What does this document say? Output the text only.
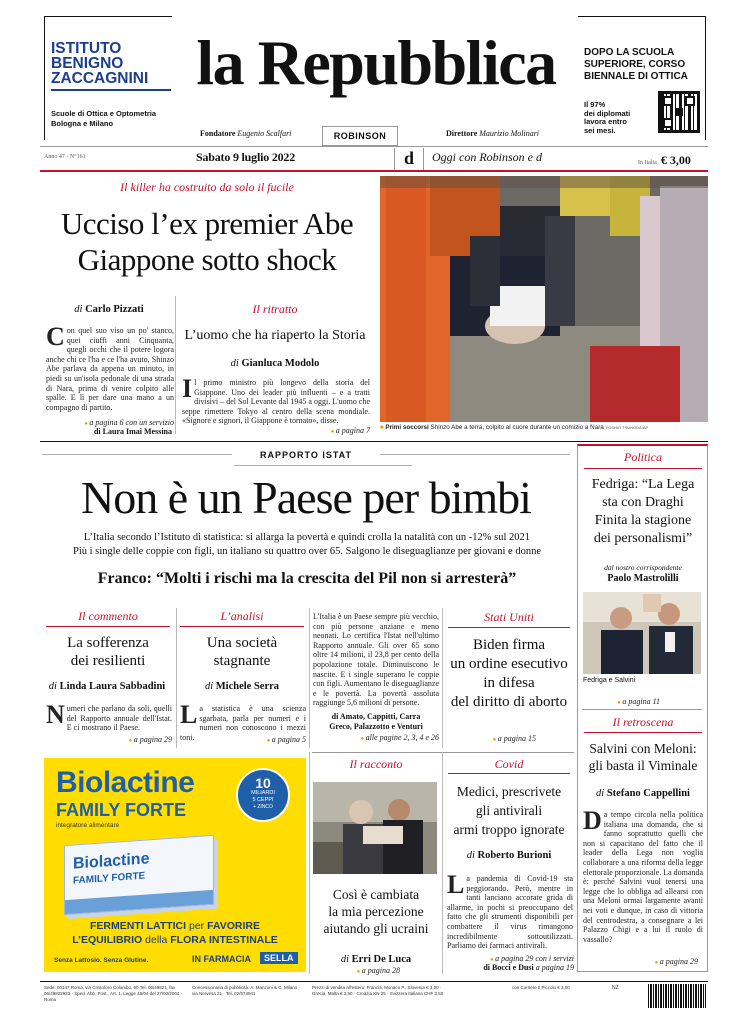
ISTITUTO
BENIGNO
ZACCAGNINI
Scuole di Ottica e Optometria
Bologna e Milano
la Repubblica
Fondatore Eugenio Scalfari	ROBINSON	Direttore Maurizio Molinari
DOPO LA SCUOLA
SUPERIORE, CORSO
BIENNALE DI OTTICA
Il 97%
dei diplomati
lavora entro
sei mesi.
Anno 47 · N°161	Sabato 9 luglio 2022	d	Oggi con Robinson e d	In Italia € 3,00
Il killer ha costruito da solo il fucile
Ucciso l’ex premier Abe
Giappone sotto shock
di Carlo Pizzati
C on quel suo viso un po' stanco, quei ciuffi anni Cinquanta, quegli occhi che il potere logora anche chi ce l'ha e ce l'ha avuto, Shinzo Abe parlava da appena un minuto, in piedi su un'isola pedonale di una strada di Nara, prima di venire colpito alle spalle. E lì per dare una mano a un compagno di partito.
● a pagina 6 con un servizio
di Laura Imai Messina
Il ritratto
L’uomo che ha riaperto la Storia
di Gianluca Modolo
I l primo ministro più longevo della storia del Giappone. Uno dei leader più influenti – e a tratti divisivi – del Sol Levante dal 1945 a oggi. L'uomo che seppe rimettere Tokyo al centro della scena mondiale. «Signore e signori, il Giappone è tornato», disse.
● a pagina 7 ■ Primi soccorsi Shinzo Abe a terra, colpito al cuore durante un comizio a Nara YOSHIO TSUNODA/AP
RAPPORTO ISTAT
Non è un Paese per bimbi
L’Italia secondo l’Istituto di statistica: si allarga la povertà e quindi crolla la natalità con un -12% sul 2021
Più i single delle coppie con figli, un italiano su quattro over 65. Salgono le diseguaglianze per giovani e donne
Franco: “Molti i rischi ma la crescita del Pil non si arresterà”
Il commento
La sofferenza
dei resilienti
di Linda Laura Sabbadini
N umeri che parlano da soli, quelli del Rapporto annuale dell'Istat. E ci mostrano il Paese.
● a pagina 29
L’analisi
Una società
stagnante
di Michele Serra
L a statistica è una scienza sgarbata, parla per numeri e i numeri non conoscono i mezzi toni.
●	a pagina 5
L'Italia è un Paese sempre più vecchio, con più persone anziane e meno neonati. Lo certifica l'Istat nell'ultimo Rapporto annuale. Gli over 65 sono oltre 14 milioni, il 23,8 per cento della popolazione totale. Diminuiscono le nascite. E i single superano le coppie con figli. Aumentano le diseguaglianze e le povertà. La povertà assoluta raggiunge 5,6 milioni di persone.
di Amato, Cappitti, Carra
Greco, Palazzotto e Venturi
● alle pagine 2, 3, 4 e 26
Stati Uniti
Biden firma
un ordine esecutivo
in difesa
del diritto di aborto
● a pagina 15
Politica
Fedriga: “La Lega
sta con Draghi
Finita la stagione
dei personalismi”
dal nostro corrispondente
Paolo Mastrolilli
Fedriga e Salvini
● a pagina 11
Il retroscena
Salvini con Meloni:
gli basta il Viminale
di Stefano Cappellini
D a tempo circola nella politica italiana una domanda, che si fanno soprattutto quelli che non si capacitano del fatto che il leader della Lega non voglia collaborare a una riforma della legge elettorale proporzionale. La domanda è: perché Salvini vuol tenersi una legge che lo obbliga ad allearsi con una Meloni ormai largamente avanti nei voti e dunque, in caso di vittoria del centrodestra, a consegnare a lei Palazzo Chigi e a lui il ruolo di vassallo?
● a pagina 29
Biolactine
FAMILY FORTE
integratore alimentare
10
MILIARDI
5 CEPPI
+ ZINCO
Biolactine
FAMILY FORTE
FERMENTI LATTICI per FAVORIRE
L’EQUILIBRIO della FLORA INTESTINALE
Senza Lattosio. Senza Glutine.	IN FARMACIA	SELLA
Il racconto
Così è cambiata
la mia percezione
aiutando gli ucraini
di Erri De Luca
● a pagina 28
Covid
Medici, prescrivete
gli antivirali
armi troppo ignorate
di Roberto Burioni
L a pandemia di Covid-19 sta peggiorando. Però, mentre in tanti lanciano accorate grida di allarme, in pochi si preoccupano del fatto che gli strumenti disponibili per combattere il virus rimangono incredibilmente sottoutilizzati. Parliamo dei farmaci antivirali.
● a pagina 29 con i servizi
di Bocci e Dusi a pagina 19
Sede: 00147 Roma, via Cristoforo Colombo, 90 Tel. 06/49821, fax 06/49822923 · Sped. Abb. Post., Art. 1, Legge 46/04 del 27/02/2004 · Roma
Concessionaria di pubblicità: A. Manzoni & C. Milano · via Nervesa 21 · Tel. 02/574941
Prezzi di vendita all'estero: Francia, Monaco P., Slovenia € 3,00 · Grecia, Malta € 3,50 · Croazia KN 25 · Svizzera Italiana CHF 3,50
con Corriere Il Piccolo € 3,00	NZ
